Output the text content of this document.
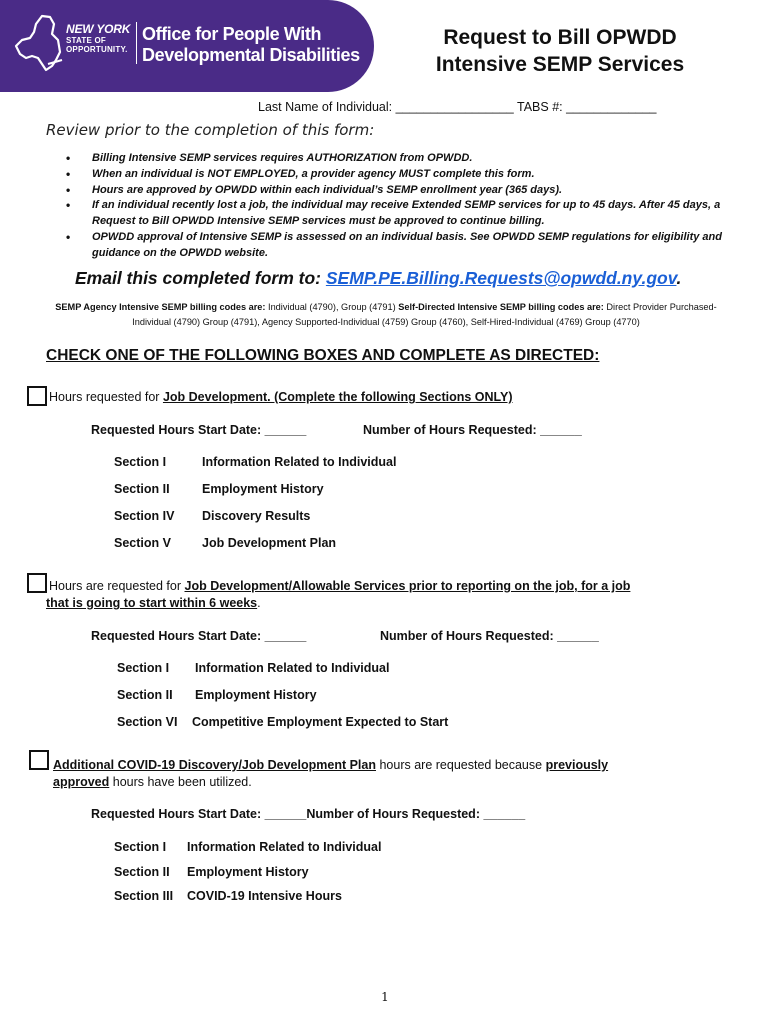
NEW YORK
STATE OF
OPPORTUNITY.
Office for People With
Developmental Disabilities
Request to Bill OPWDD
Intensive SEMP Services
Last Name of Individual: _________________ TABS #: _____________
Review prior to the completion of this form:
• Billing Intensive SEMP services requires AUTHORIZATION from OPWDD.
• When an individual is NOT EMPLOYED, a provider agency MUST complete this form.
• Hours are approved by OPWDD within each individual’s SEMP enrollment year (365 days).
• If an individual recently lost a job, the individual may receive Extended SEMP services for up to 45 days. After 45 days, a Request to Bill OPWDD Intensive SEMP services must be approved to continue billing.
• OPWDD approval of Intensive SEMP is assessed on an individual basis. See OPWDD SEMP regulations for eligibility and guidance on the OPWDD website.
Email this completed form to: SEMP.PE.Billing.Requests@opwdd.ny.gov.
SEMP Agency Intensive SEMP billing codes are: Individual (4790), Group (4791) Self-Directed Intensive SEMP billing codes are: Direct Provider Purchased-Individual (4790) Group (4791), Agency Supported-Individual (4759) Group (4760), Self-Hired-Individual (4769) Group (4770)
CHECK ONE OF THE FOLLOWING BOXES AND COMPLETE AS DIRECTED:
Hours requested for Job Development. (Complete the following Sections ONLY)
Requested Hours Start Date: ______	Number of Hours Requested: ______
Section I	Information Related to Individual
Section II	Employment History
Section IV Discovery Results
Section V Job Development Plan
Hours are requested for Job Development/Allowable Services prior to reporting on the job, for a job
that is going to start within 6 weeks.
Requested Hours Start Date: ______	Number of Hours Requested: ______
Section I Information Related to Individual
Section II Employment History
Section VI Competitive Employment Expected to Start
Additional COVID-19 Discovery/Job Development Plan hours are requested because previously
approved hours have been utilized.
Requested Hours Start Date: ______Number of Hours Requested: ______
Section I Information Related to Individual
Section II Employment History
Section III COVID-19 Intensive Hours
1
